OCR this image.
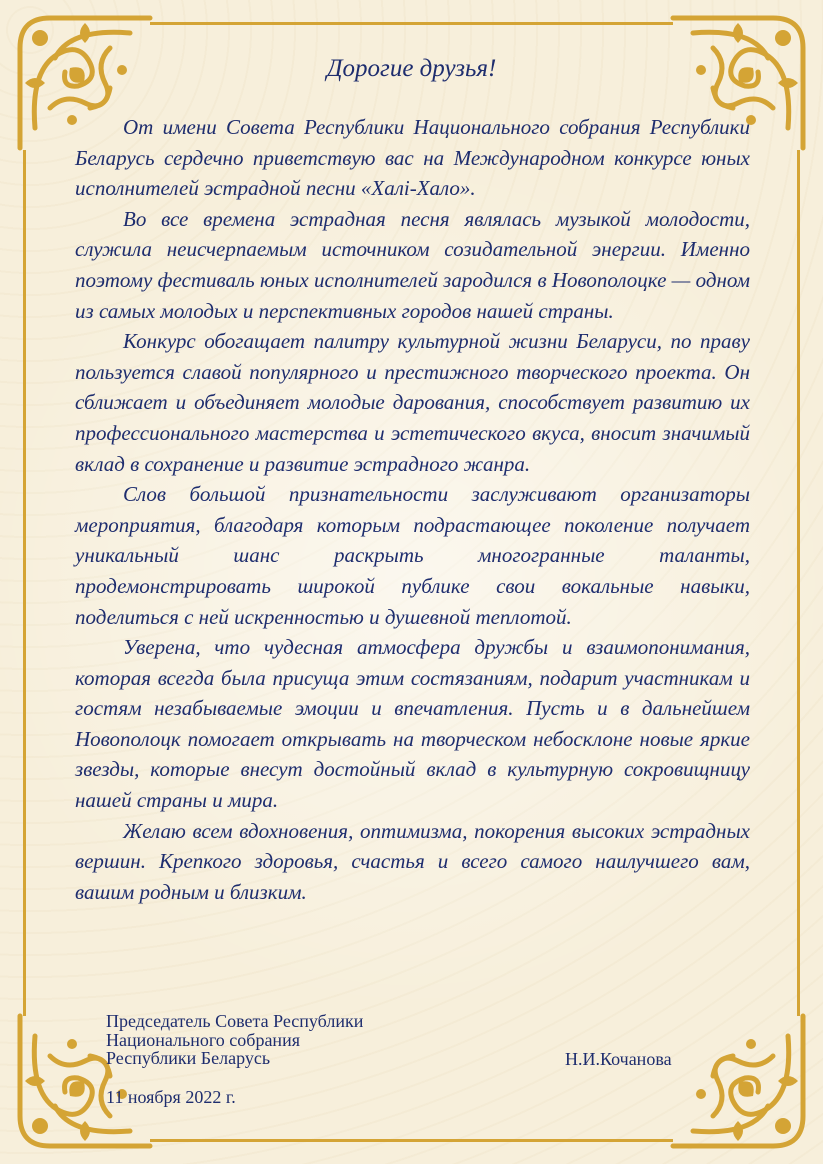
Дорогие друзья!

От имени Совета Республики Национального собрания Республики Беларусь сердечно приветствую вас на Международном конкурсе юных исполнителей эстрадной песни «Халі-Хало».

Во все времена эстрадная песня являлась музыкой молодости, служила неисчерпаемым источником созидательной энергии. Именно поэтому фестиваль юных исполнителей зародился в Новополоцке — одном из самых молодых и перспективных городов нашей страны.

Конкурс обогащает палитру культурной жизни Беларуси, по праву пользуется славой популярного и престижного творческого проекта. Он сближает и объединяет молодые дарования, способствует развитию их профессионального мастерства и эстетического вкуса, вносит значимый вклад в сохранение и развитие эстрадного жанра.

Слов большой признательности заслуживают организаторы мероприятия, благодаря которым подрастающее поколение получает уникальный шанс раскрыть многогранные таланты, продемонстрировать широкой публике свои вокальные навыки, поделиться с ней искренностью и душевной теплотой.

Уверена, что чудесная атмосфера дружбы и взаимопонимания, которая всегда была присуща этим состязаниям, подарит участникам и гостям незабываемые эмоции и впечатления. Пусть и в дальнейшем Новополоцк помогает открывать на творческом небосклоне новые яркие звезды, которые внесут достойный вклад в культурную сокровищницу нашей страны и мира.

Желаю всем вдохновения, оптимизма, покорения высоких эстрадных вершин. Крепкого здоровья, счастья и всего самого наилучшего вам, вашим родным и близким.

Председатель Совета Республики
Национального собрания
Республики Беларусь	Н.И.Кочанова
11 ноября 2022 г.
